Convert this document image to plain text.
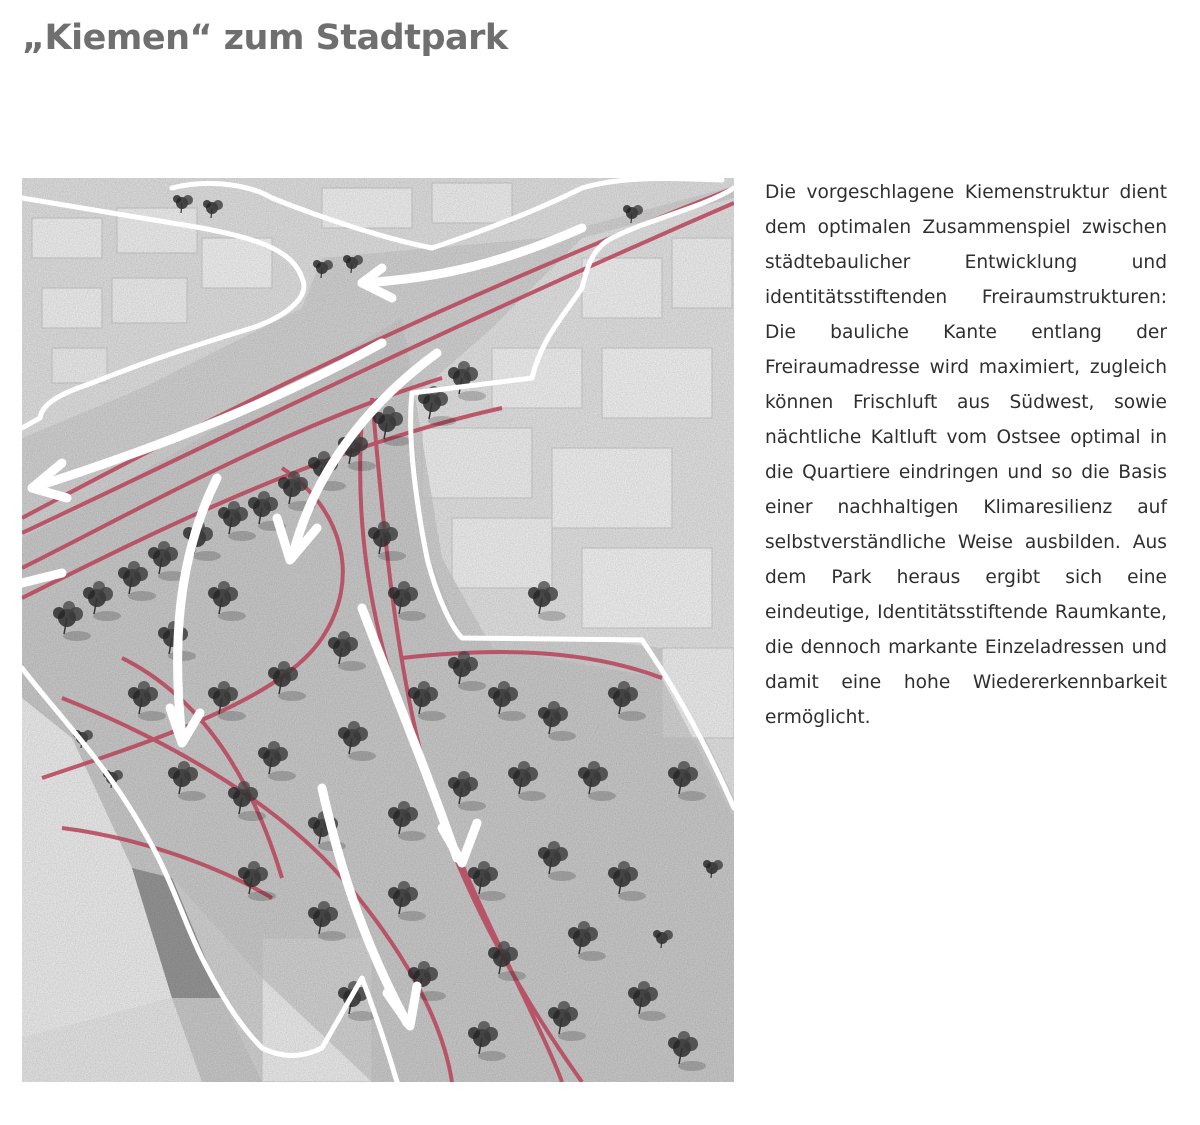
„Kiemen“ zum Stadtpark

Die vorgeschlagene Kiemenstruktur dient dem optimalen Zusammenspiel zwischen städtebaulicher Entwicklung und identitätsstiftenden Freiraumstrukturen: Die bauliche Kante entlang der Freiraumadresse wird maximiert, zugleich können Frischluft aus Südwest, sowie nächtliche Kaltluft vom Ostsee optimal in die Quartiere eindringen und so die Basis einer nachhaltigen Klimaresilienz auf selbstverständliche Weise ausbilden. Aus dem Park heraus ergibt sich eine eindeutige, Identitätsstiftende Raumkante, die dennoch markante Einzeladressen und damit eine hohe Wiedererkennbarkeit ermöglicht.
